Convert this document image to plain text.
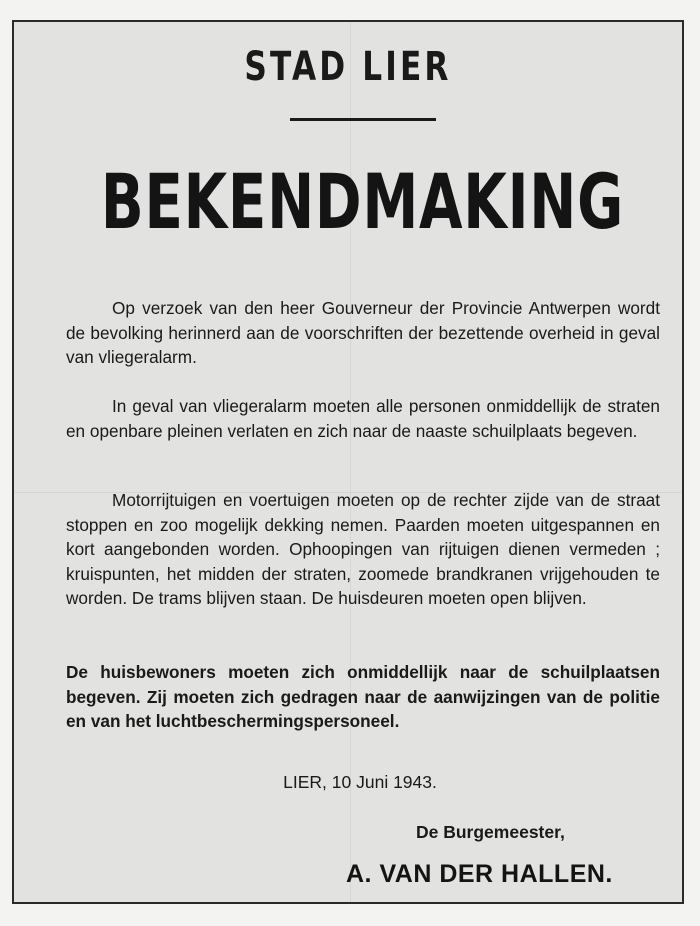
STAD LIER
BEKENDMAKING
Op verzoek van den heer Gouverneur der Provincie Antwerpen wordt de bevolking herinnerd aan de voorschriften der bezettende overheid in geval van vliegeralarm.
In geval van vliegeralarm moeten alle personen onmiddellijk de straten en openbare pleinen verlaten en zich naar de naaste schuilplaats begeven.
Motorrijtuigen en voertuigen moeten op de rechter zijde van de straat stoppen en zoo mogelijk dekking nemen. Paarden moeten uitgespannen en kort aangebonden worden. Ophoopingen van rijtuigen dienen vermeden ; kruispunten, het midden der straten, zoomede brandkranen vrijgehouden te worden. De trams blijven staan. De huisdeuren moeten open blijven.
De huisbewoners moeten zich onmiddellijk naar de schuilplaatsen begeven. Zij moeten zich gedragen naar de aanwijzingen van de politie en van het luchtbeschermingspersoneel.
LIER, 10 Juni 1943.
De Burgemeester,
A. VAN DER HALLEN.
